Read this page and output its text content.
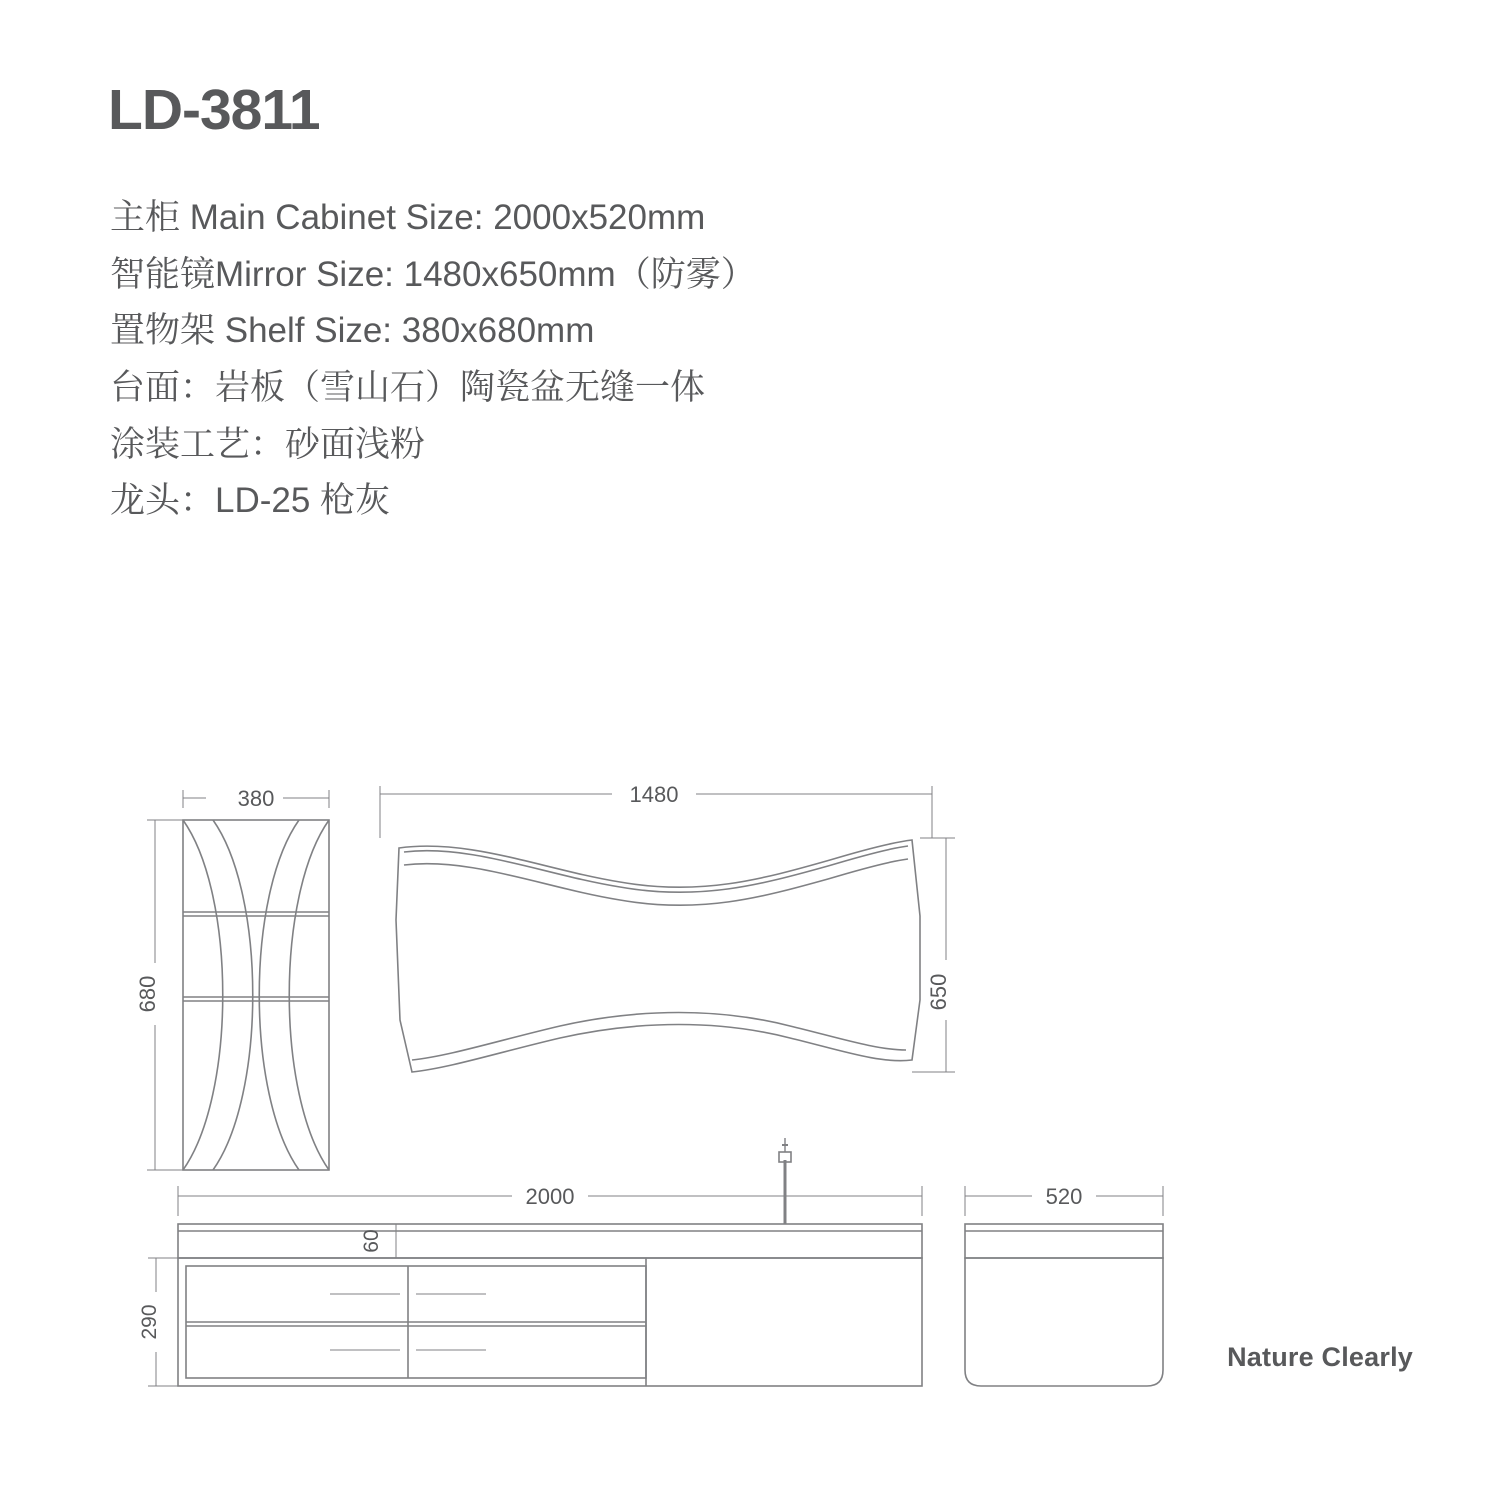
LD-3811
主柜 Main Cabinet Size: 2000x520mm
智能镜Mirror Size: 1480x650mm（防雾）
置物架 Shelf Size: 380x680mm
台面：岩板（雪山石）陶瓷盆无缝一体
涂装工艺：砂面浅粉
龙头：LD-25 枪灰
380
680
1480
650
2000
60
290
520
Nature Clearly
